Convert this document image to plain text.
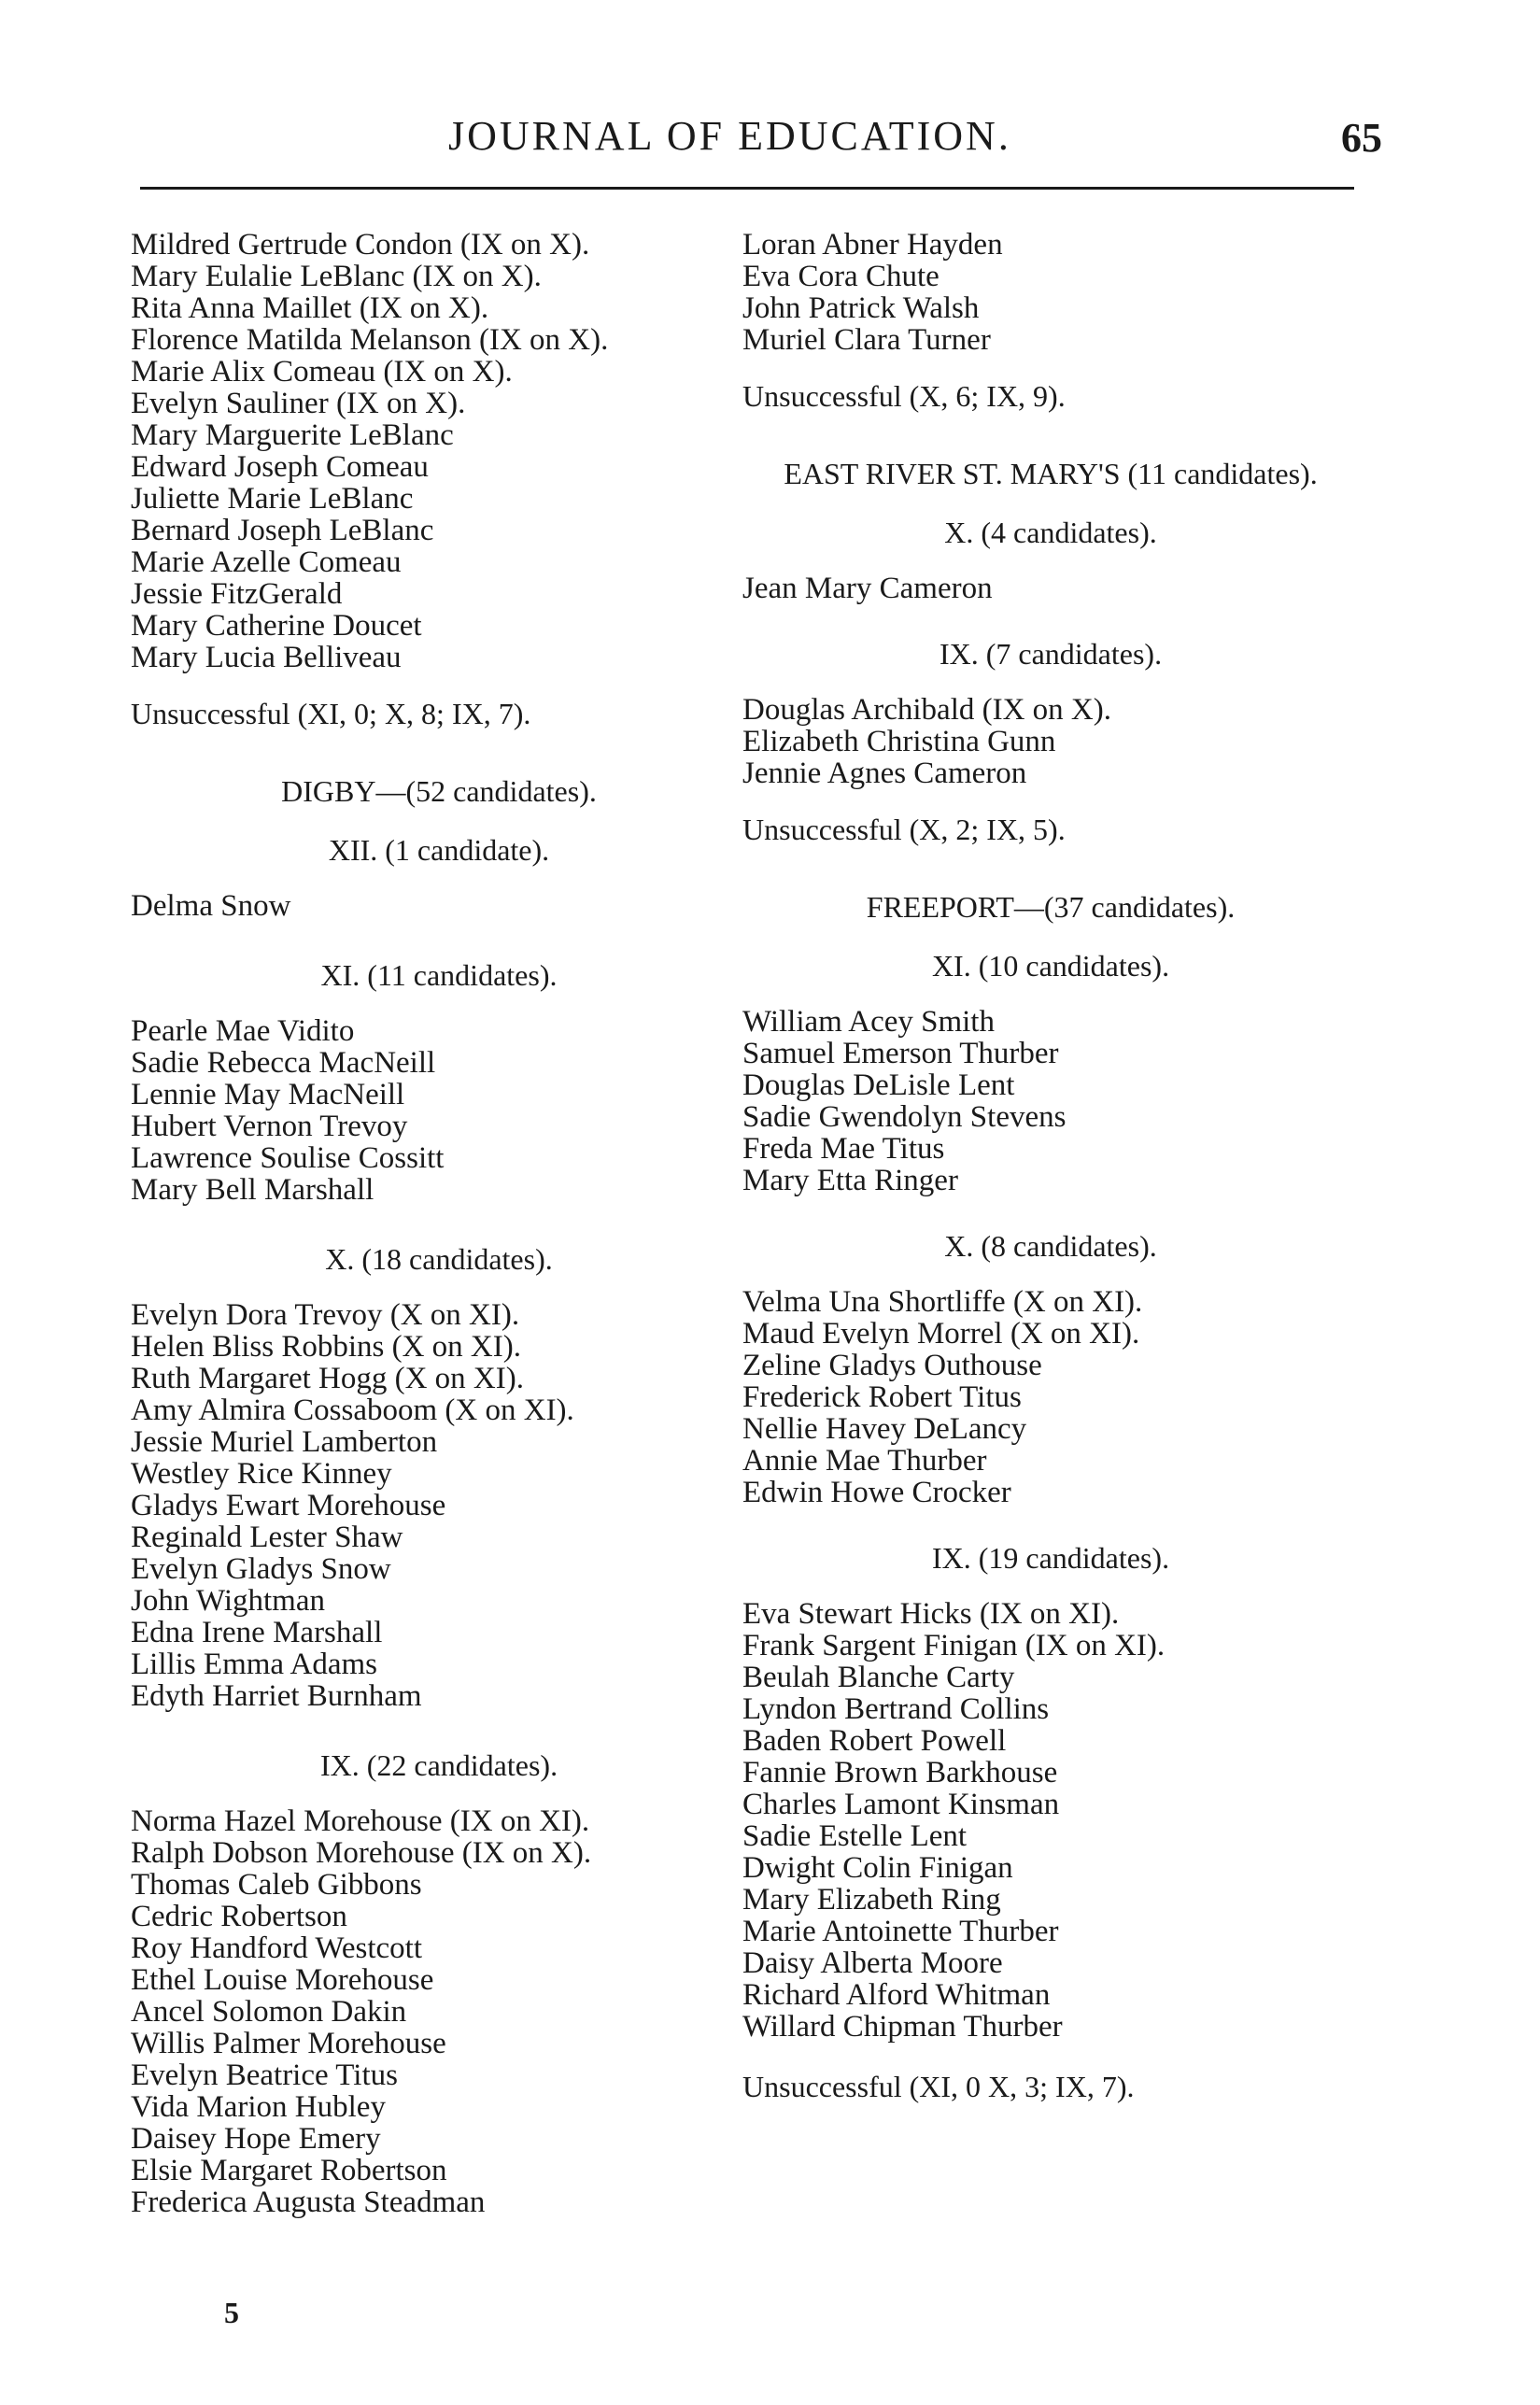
JOURNAL OF EDUCATION.	65
Mildred Gertrude Condon (IX on X).
Mary Eulalie LeBlanc (IX on X).
Rita Anna Maillet (IX on X).
Florence Matilda Melanson (IX on X).
Marie Alix Comeau (IX on X).
Evelyn Sauliner (IX on X).
Mary Marguerite LeBlanc
Edward Joseph Comeau
Juliette Marie LeBlanc
Bernard Joseph LeBlanc
Marie Azelle Comeau
Jessie FitzGerald
Mary Catherine Doucet
Mary Lucia Belliveau
Unsuccessful (XI, 0; X, 8; IX, 7).
DIGBY—(52 candidates).
XII. (1 candidate).
Delma Snow
XI. (11 candidates).
Pearle Mae Vidito
Sadie Rebecca MacNeill
Lennie May MacNeill
Hubert Vernon Trevoy
Lawrence Soulise Cossitt
Mary Bell Marshall
X. (18 candidates).
Evelyn Dora Trevoy (X on XI).
Helen Bliss Robbins (X on XI).
Ruth Margaret Hogg (X on XI).
Amy Almira Cossaboom (X on XI).
Jessie Muriel Lamberton
Westley Rice Kinney
Gladys Ewart Morehouse
Reginald Lester Shaw
Evelyn Gladys Snow
John Wightman
Edna Irene Marshall
Lillis Emma Adams
Edyth Harriet Burnham
IX. (22 candidates).
Norma Hazel Morehouse (IX on XI).
Ralph Dobson Morehouse (IX on X).
Thomas Caleb Gibbons
Cedric Robertson
Roy Handford Westcott
Ethel Louise Morehouse
Ancel Solomon Dakin
Willis Palmer Morehouse
Evelyn Beatrice Titus
Vida Marion Hubley
Daisey Hope Emery
Elsie Margaret Robertson
Frederica Augusta Steadman
Loran Abner Hayden
Eva Cora Chute
John Patrick Walsh
Muriel Clara Turner
Unsuccessful (X, 6; IX, 9).
EAST RIVER ST. MARY'S (11 candidates).
X. (4 candidates).
Jean Mary Cameron
IX. (7 candidates).
Douglas Archibald (IX on X).
Elizabeth Christina Gunn
Jennie Agnes Cameron
Unsuccessful (X, 2; IX, 5).
FREEPORT—(37 candidates).
XI. (10 candidates).
William Acey Smith
Samuel Emerson Thurber
Douglas DeLisle Lent
Sadie Gwendolyn Stevens
Freda Mae Titus
Mary Etta Ringer
X. (8 candidates).
Velma Una Shortliffe (X on XI).
Maud Evelyn Morrel (X on XI).
Zeline Gladys Outhouse
Frederick Robert Titus
Nellie Havey DeLancy
Annie Mae Thurber
Edwin Howe Crocker
IX. (19 candidates).
Eva Stewart Hicks (IX on XI).
Frank Sargent Finigan (IX on XI).
Beulah Blanche Carty
Lyndon Bertrand Collins
Baden Robert Powell
Fannie Brown Barkhouse
Charles Lamont Kinsman
Sadie Estelle Lent
Dwight Colin Finigan
Mary Elizabeth Ring
Marie Antoinette Thurber
Daisy Alberta Moore
Richard Alford Whitman
Willard Chipman Thurber
Unsuccessful (XI, 0 X, 3; IX, 7).
5
